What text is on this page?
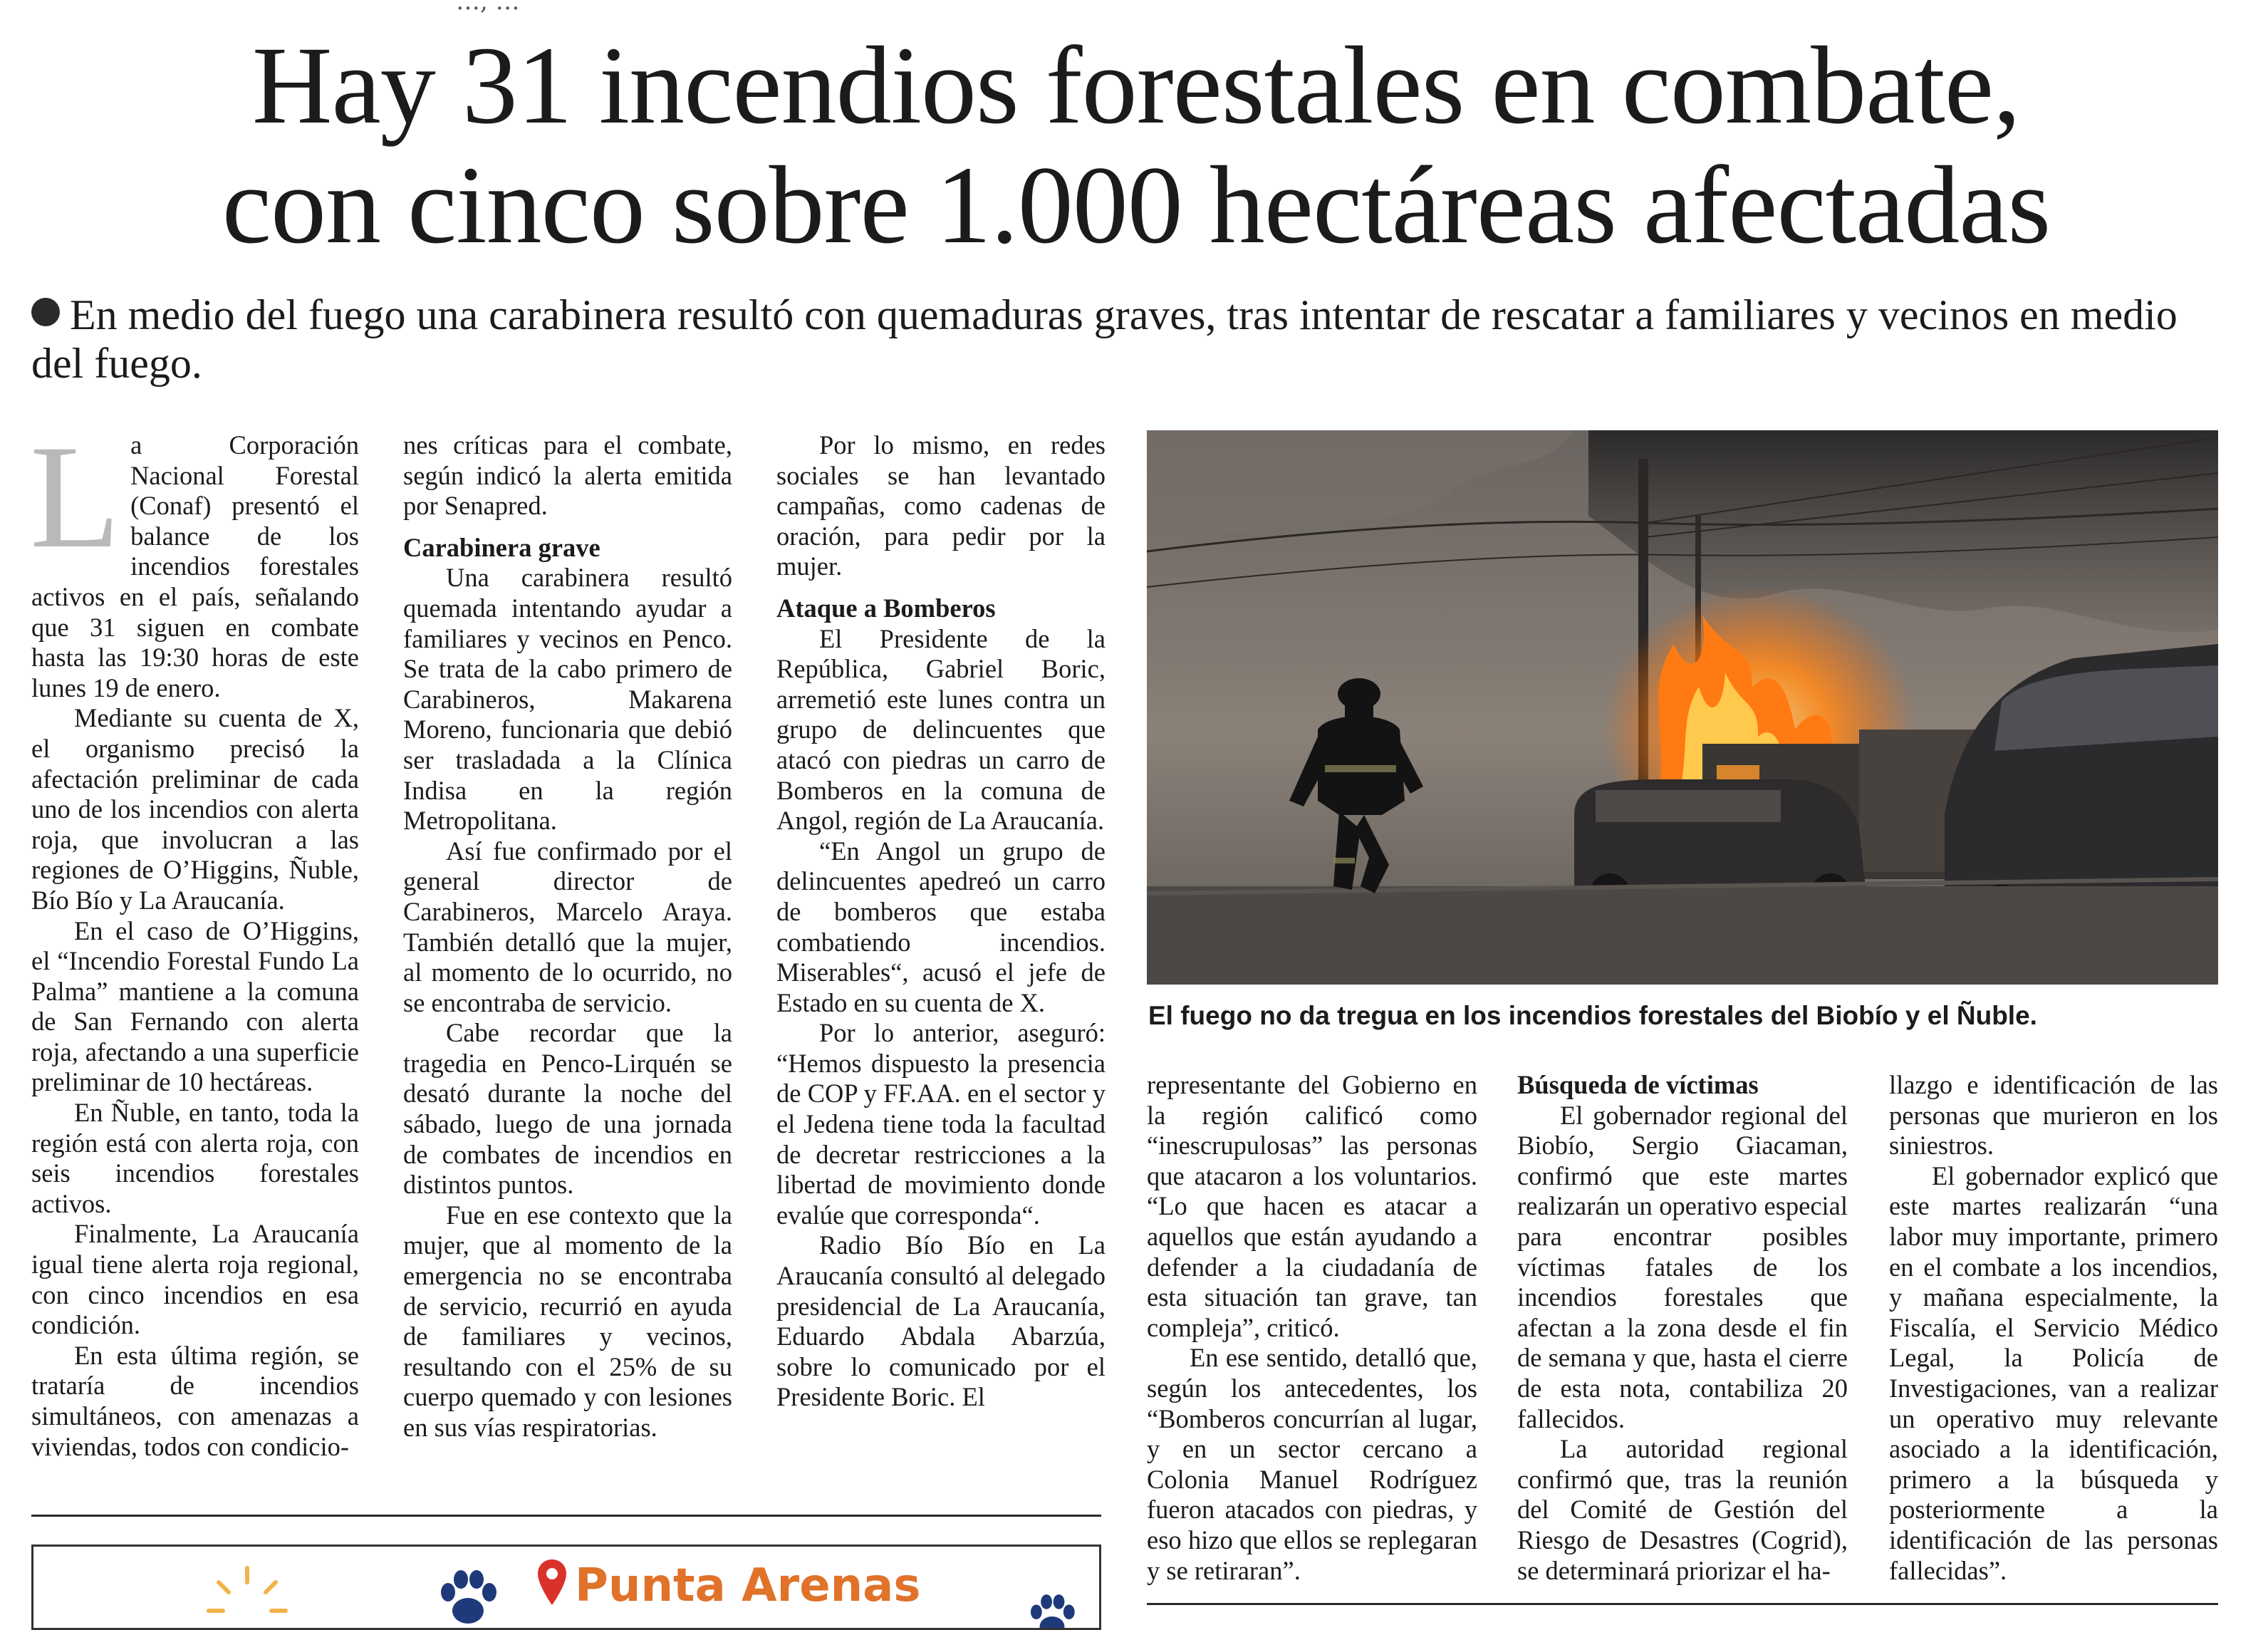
Hay 31 incendios forestales en combate,
con cinco sobre 1.000 hectáreas afectadas
En medio del fuego una carabinera resultó con quemaduras graves, tras intentar de rescatar a familiares y vecinos en medio del fuego.
L a Corporación Nacional Forestal (Conaf) presentó el balance de los incendios forestales activos en el país, señalando que 31 siguen en combate hasta las 19:30 horas de este lunes 19 de enero.

Mediante su cuenta de X, el organismo precisó la afectación preliminar de cada uno de los incendios con alerta roja, que involucran a las regiones de O’Higgins, Ñuble, Bío Bío y La Araucanía.

En el caso de O’Higgins, el “Incendio Forestal Fundo La Palma” mantiene a la comuna de San Fernando con alerta roja, afectando a una superficie preliminar de 10 hectáreas.

En Ñuble, en tanto, toda la región está con alerta roja, con seis incendios forestales activos.

Finalmente, La Araucanía igual tiene alerta roja regional, con cinco incendios en esa condición.

En esta última región, se trataría de incendios simultáneos, con amenazas a viviendas, todos con condicio-

nes críticas para el combate, según indicó la alerta emitida por Senapred.

Carabinera grave

Una carabinera resultó quemada intentando ayudar a familiares y vecinos en Penco. Se trata de la cabo primero de Carabineros, Makarena Moreno, funcionaria que debió ser trasladada a la Clínica Indisa en la región Metropolitana.

Así fue confirmado por el general director de Carabineros, Marcelo Araya. También detalló que la mujer, al momento de lo ocurrido, no se encontraba de servicio.

Cabe recordar que la tragedia en Penco-Lirquén se desató durante la noche del sábado, luego de una jornada de combates de incendios en distintos puntos.

Fue en ese contexto que la mujer, que al momento de la emergencia no se encontraba de servicio, recurrió en ayuda de familiares y vecinos, resultando con el 25% de su cuerpo quemado y con lesiones en sus vías respiratorias.

Por lo mismo, en redes sociales se han levantado campañas, como cadenas de oración, para pedir por la mujer.

Ataque a Bomberos

El Presidente de la República, Gabriel Boric, arremetió este lunes contra un grupo de delincuentes que atacó con piedras un carro de Bomberos en la comuna de Angol, región de La Araucanía.

“En Angol un grupo de delincuentes apedreó un carro de bomberos que estaba combatiendo incendios. Miserables“, acusó el jefe de Estado en su cuenta de X.

Por lo anterior, aseguró: “Hemos dispuesto la presencia de COP y FF.AA. en el sector y el Jedena tiene toda la facultad de decretar restricciones a la libertad de movimiento donde evalúe que corresponda“.

Radio Bío Bío en La Araucanía consultó al delegado presidencial de La Araucanía, Eduardo Abdala Abarzúa, sobre lo comunicado por el Presidente Boric. El

El fuego no da tregua en los incendios forestales del Biobío y el Ñuble.

representante del Gobierno en la región calificó como “inescrupulosas” las personas que atacaron a los voluntarios. “Lo que hacen es atacar a aquellos que están ayudando a defender a la ciudadanía de esta situación tan grave, tan compleja”, criticó.

En ese sentido, detalló que, según los antecedentes, los “Bomberos concurrían al lugar, y en un sector cercano a Colonia Manuel Rodríguez fueron atacados con piedras, y eso hizo que ellos se replegaran y se retiraran”.

Búsqueda de víctimas

El gobernador regional del Biobío, Sergio Giacaman, confirmó que este martes realizarán un operativo especial para encontrar posibles víctimas fatales de los incendios forestales que afectan a la zona desde el fin de semana y que, hasta el cierre de esta nota, contabiliza 20 fallecidos.

La autoridad regional confirmó que, tras la reunión del Comité de Gestión del Riesgo de Desastres (Cogrid), se determinará priorizar el ha-

llazgo e identificación de las personas que murieron en los siniestros.

El gobernador explicó que este martes realizarán “una labor muy importante, primero en el combate a los incendios, y mañana especialmente, la Fiscalía, el Servicio Médico Legal, la Policía de Investigaciones, van a realizar un operativo muy relevante asociado a la identificación, primero a la búsqueda y posteriormente a la identificación de las personas fallecidas”.

Punta Arenas
